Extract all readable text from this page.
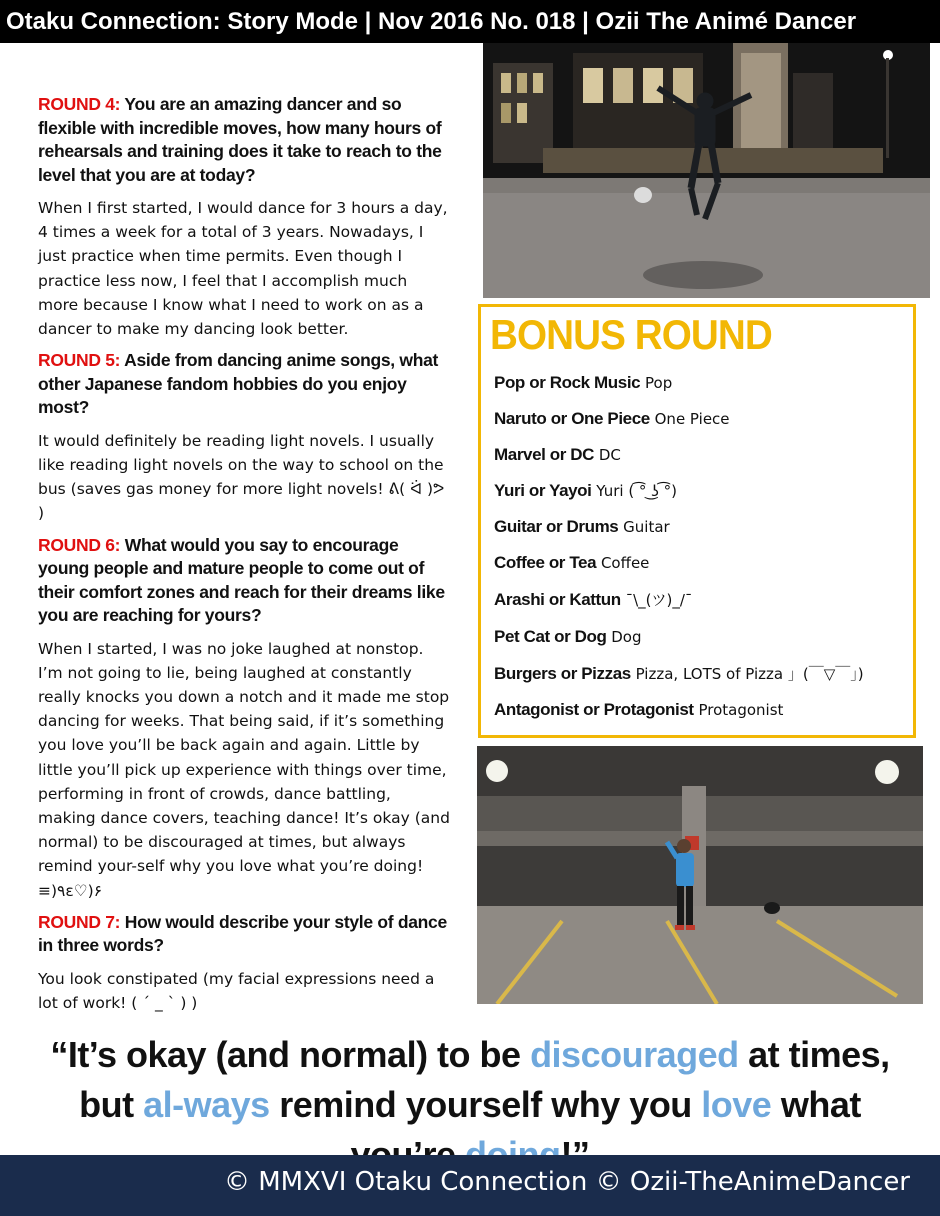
Otaku Connection: Story Mode | Nov 2016 No. 018 | Ozii The Animé Dancer

ROUND 4: You are an amazing dancer and so flexible with incredible moves, how many hours of rehearsals and training does it take to reach to the level that you are at today?

When I first started, I would dance for 3 hours a day, 4 times a week for a total of 3 years. Nowadays, I just practice when time permits. Even though I practice less now, I feel that I accomplish much more because I know what I need to work on as a dancer to make my dancing look better.

ROUND 5: Aside from dancing anime songs, what other Japanese fandom hobbies do you enjoy most?

It would definitely be reading light novels. I usually like reading light novels on the way to school on the bus (saves gas money for more light novels! ᕕ( ᐛ )ᕗ )

ROUND 6: What would you say to encourage young people and mature people to come out of their comfort zones and reach for their dreams like you are reaching for yours?

When I started, I was no joke laughed at nonstop. I’m not going to lie, being laughed at constantly really knocks you down a notch and it made me stop dancing for weeks. That being said, if it’s something you love you’ll be back again and again. Little by little you’ll pick up experience with things over time, performing in front of crowds, dance battling, making dance covers, teaching dance! It’s okay (and normal) to be discouraged at times, but always remind your-self why you love what you’re doing! ≡)٩ε♡)۶

ROUND 7: How would describe your style of dance in three words?

You look constipated (my facial expressions need a lot of work! ( ´ _ ` ) )

BONUS ROUND
Pop or Rock Music Pop
Naruto or One Piece One Piece
Marvel or DC DC
Yuri or Yayoi Yuri ( ͡° ͜ʖ ͡°)
Guitar or Drums Guitar
Coffee or Tea Coffee
Arashi or Kattun ¯\_(ツ)_/¯
Pet Cat or Dog Dog
Burgers or Pizzas Pizza, LOTS of Pizza 」(￣▽￣」)
Antagonist or Protagonist Protagonist
“It’s okay (and normal) to be discouraged at times, but al-ways remind yourself why you love what
© MMXVI Otaku Connection © Ozii-TheAnimeDancer
